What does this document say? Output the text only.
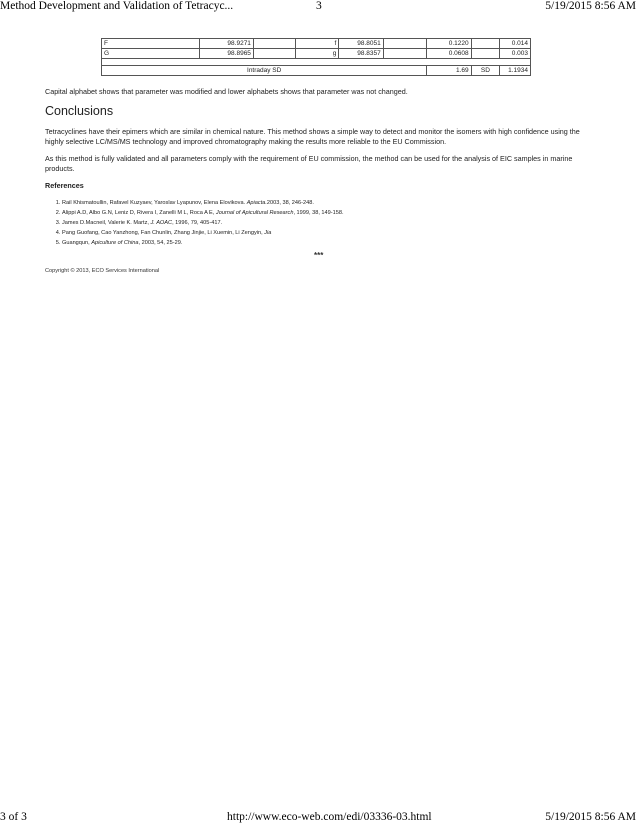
Method Development and Validation of Tetracyc...	3	5/19/2015 8:56 AM
F	98.9271		f	98.8051		0.1220		0.014
G	98.8965		g	98.8357		0.0608		0.003

Intraday SD						1.69	SD	1.1934

Capital alphabet shows that parameter was modified and lower alphabets shows that parameter was not changed.

Conclusions

Tetracyclines have their epimers which are similar in chemical nature. This method shows a simple way to detect and monitor the isomers with high confidence using the highly selective LC/MS/MS technology and improved chromatography making the results more reliable to the EU Commission.

As this method is fully validated and all parameters comply with the requirement of EU commission, the method can be used for the analysis of EIC samples in marine products.

References

1. Rail Khismatoullin, Rafavel Kuzyaev, Yaroslav Lyapunov, Elena Elovikova. Apiacta.2003, 38, 246-248.
2. Alippi A.D, Albo G.N, Leniz D, Rivera I, Zanelli M L, Roca A E, Journal of Apicultural Research, 1999, 38, 149-158.
3. James D.Macneil, Valerie K. Martz, J. AOAC, 1996, 79, 405-417.
4. Pang Guofang, Cao Yanzhong, Fan Chunlin, Zhang Jinjie, Li Xuemin, Li Zengyin, Jia
5. Guangqun, Apiculture of China, 2003, 54, 25-29.
***
Copyright © 2013, ECO Services International
3 of 3	http://www.eco-web.com/edi/03336-03.html	5/19/2015 8:56 AM
